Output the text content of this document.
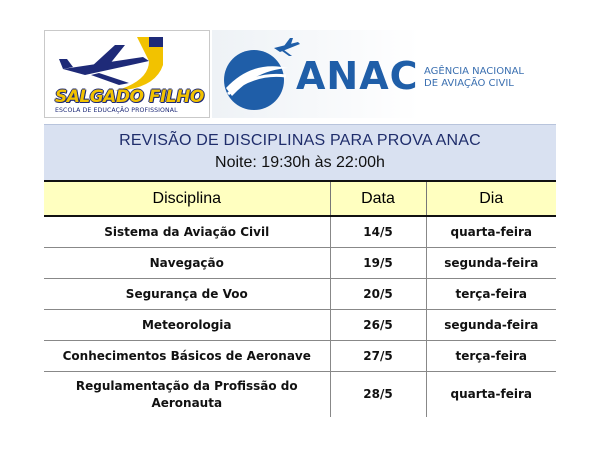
SALGADO FILHO
ESCOLA DE EDUCAÇÃO PROFISSIONAL
ANAC AGÊNCIA NACIONAL
DE AVIAÇÃO CIVIL
REVISÃO DE DISCIPLINAS PARA PROVA ANAC
Noite: 19:30h às 22:00h
Disciplina	Data	Dia
Sistema da Aviação Civil	14/5	quarta-feira
Navegação	19/5	segunda-feira
Segurança de Voo	20/5	terça-feira
Meteorologia	26/5	segunda-feira
Conhecimentos Básicos de Aeronave	27/5	terça-feira
Regulamentação da Profissão do Aeronauta	28/5	quarta-feira
